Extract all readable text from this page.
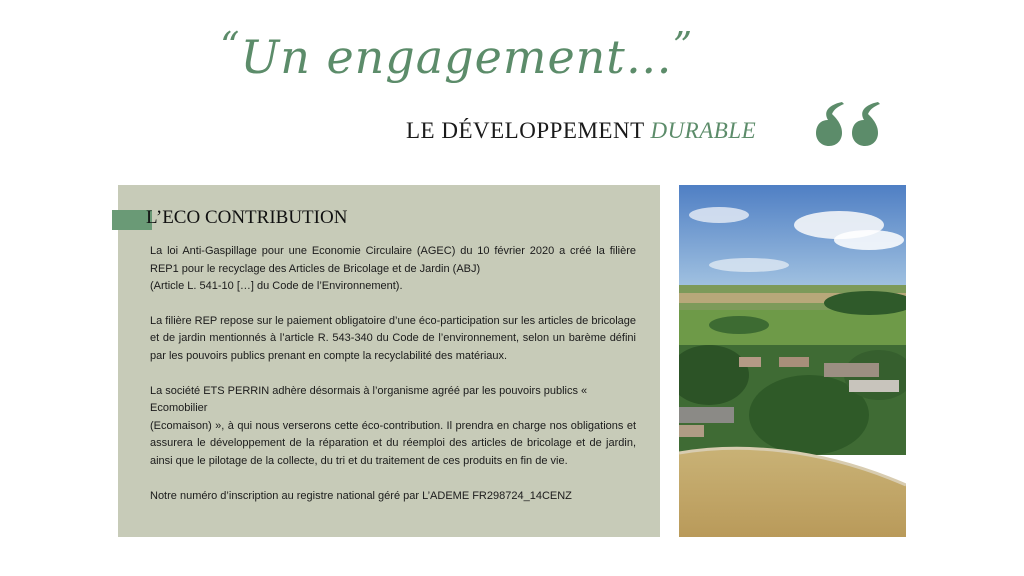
“Un engagement…”
LE DÉVELOPPEMENT DURABLE
L’ECO CONTRIBUTION

La loi Anti-Gaspillage pour une Economie Circulaire (AGEC) du 10 février 2020 a créé la filière REP1 pour le recyclage des Articles de Bricolage et de Jardin (ABJ)
(Article L. 541-10 […] du Code de l’Environnement).

La filière REP repose sur le paiement obligatoire d’une éco-participation sur les articles de bricolage et de jardin mentionnés à l’article R. 543-340 du Code de l’environnement, selon un barème défini par les pouvoirs publics prenant en compte la recyclabilité des matériaux.

La société ETS PERRIN adhère désormais à l’organisme agréé par les pouvoirs publics « Ecomobilier
(Ecomaison) », à qui nous verserons cette éco-contribution. Il prendra en charge nos obligations et assurera le développement de la réparation et du réemploi des articles de bricolage et de jardin, ainsi que le pilotage de la collecte, du tri et du traitement de ces produits en fin de vie.

Notre numéro d’inscription au registre national géré par L’ADEME FR298724_14CENZ
